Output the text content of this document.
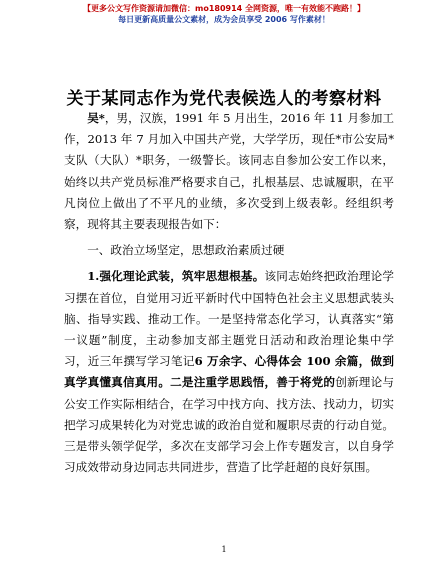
【更多公文写作资源请加微信：mo180914 全网资源，唯一有效能不跑路！】
每日更新高质量公文素材，成为会员享受 2006 写作素材！
关于某同志作为党代表候选人的考察材料

吴*，男，汉族，1991 年 5 月出生，2016 年 11 月参加工作，2013 年 7 月加入中国共产党，大学学历，现任*市公安局*支队（大队）*职务，一级警长。该同志自参加公安工作以来，始终以共产党员标准严格要求自己，扎根基层、忠诚履职，在平凡岗位上做出了不平凡的业绩，多次受到上级表彰。经组织考察，现将其主要表现报告如下：

一、政治立场坚定，思想政治素质过硬

1.强化理论武装，筑牢思想根基。该同志始终把政治理论学习摆在首位，自觉用习近平新时代中国特色社会主义思想武装头脑、指导实践、推动工作。一是坚持常态化学习，认真落实“第一议题”制度，主动参加支部主题党日活动和政治理论集中学习，近三年撰写学习笔记6 万余字、心得体会 100 余篇，做到真学真懂真信真用。二是注重学思践悟，善于将党的创新理论与公安工作实际相结合，在学习中找方向、找方法、找动力，切实把学习成果转化为对党忠诚的政治自觉和履职尽责的行动自觉。三是带头领学促学，多次在支部学习会上作专题发言，以自身学习成效带动身边同志共同进步，营造了比学赶超的良好氛围。

1
